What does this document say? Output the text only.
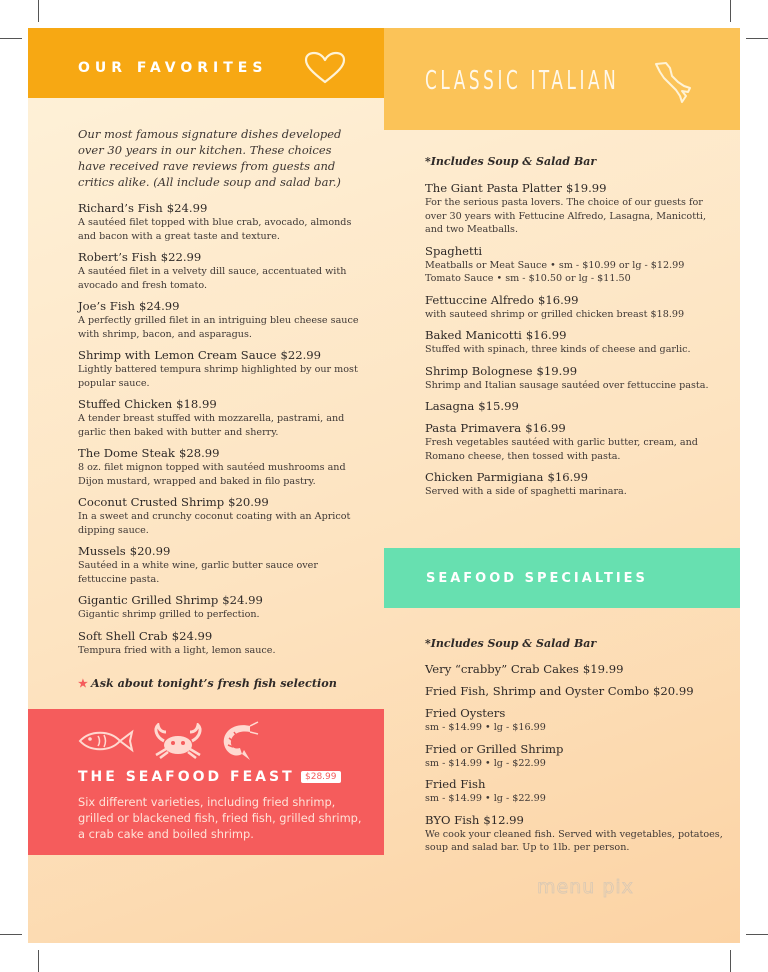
OUR FAVORITES	CLASSIC ITALIAN
Our most famous signature dishes developed over 30 years in our kitchen. These choices have received rave reviews from guests and critics alike. (All include soup and salad bar.)
Richard’s Fish $24.99
A sautéed filet topped with blue crab, avocado, almonds and bacon with a great taste and texture.
Robert’s Fish $22.99
A sautéed filet in a velvety dill sauce, accentuated with avocado and fresh tomato.
Joe’s Fish $24.99
A perfectly grilled filet in an intriguing bleu cheese sauce with shrimp, bacon, and asparagus.
Shrimp with Lemon Cream Sauce $22.99
Lightly battered tempura shrimp highlighted by our most popular sauce.
Stuffed Chicken $18.99
A tender breast stuffed with mozzarella, pastrami, and garlic then baked with butter and sherry.
The Dome Steak $28.99
8 oz. filet mignon topped with sautéed mushrooms and Dijon mustard, wrapped and baked in filo pastry.
Coconut Crusted Shrimp $20.99
In a sweet and crunchy coconut coating with an Apricot dipping sauce.
Mussels $20.99
Sautéed in a white wine, garlic butter sauce over fettuccine pasta.
Gigantic Grilled Shrimp $24.99
Gigantic shrimp grilled to perfection.
Soft Shell Crab $24.99
Tempura fried with a light, lemon sauce.
★ Ask about tonight’s fresh fish selection
*Includes Soup & Salad Bar
The Giant Pasta Platter $19.99
For the serious pasta lovers. The choice of our guests for over 30 years with Fettucine Alfredo, Lasagna, Manicotti, and two Meatballs.
Spaghetti
Meatballs or Meat Sauce • sm - $10.99 or lg - $12.99
Tomato Sauce • sm - $10.50 or lg - $11.50
Fettuccine Alfredo $16.99
with sauteed shrimp or grilled chicken breast $18.99
Baked Manicotti $16.99
Stuffed with spinach, three kinds of cheese and garlic.
Shrimp Bolognese $19.99
Shrimp and Italian sausage sautéed over fettuccine pasta.
Lasagna $15.99
Pasta Primavera $16.99
Fresh vegetables sautéed with garlic butter, cream, and Romano cheese, then tossed with pasta.
Chicken Parmigiana $16.99
Served with a side of spaghetti marinara.
SEAFOOD SPECIALTIES
*Includes Soup & Salad Bar
Very “crabby” Crab Cakes $19.99
Fried Fish, Shrimp and Oyster Combo $20.99
Fried Oysters
sm - $14.99 • lg - $16.99
Fried or Grilled Shrimp
sm - $14.99 • lg - $22.99
Fried Fish
sm - $14.99 • lg - $22.99
BYO Fish $12.99
We cook your cleaned fish. Served with vegetables, potatoes, soup and salad bar. Up to 1lb. per person.
THE SEAFOOD FEAST	$28.99
Six different varieties, including fried shrimp, grilled or blackened fish, fried fish, grilled shrimp, a crab cake and boiled shrimp.
menu pix
